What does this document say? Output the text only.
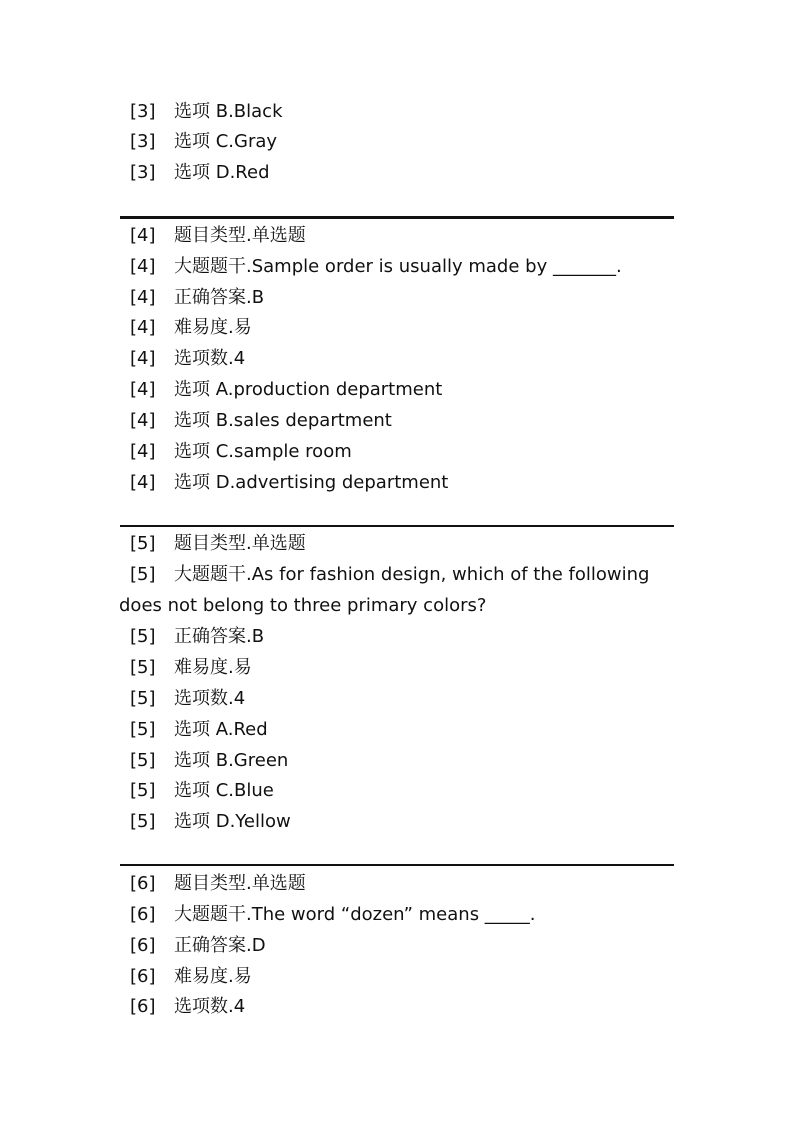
[3] 选项 B.Black
[3] 选项 C.Gray
[3] 选项 D.Red
[4] 题目类型.单选题
[4] 大题题干.Sample order is usually made by _______.
[4] 正确答案.B
[4] 难易度.易
[4] 选项数.4
[4] 选项 A.production department
[4] 选项 B.sales department
[4] 选项 C.sample room
[4] 选项 D.advertising department
[5] 题目类型.单选题
[5] 大题题干.As for fashion design, which of the following
does not belong to three primary colors?
[5] 正确答案.B
[5] 难易度.易
[5] 选项数.4
[5] 选项 A.Red
[5] 选项 B.Green
[5] 选项 C.Blue
[5] 选项 D.Yellow
[6] 题目类型.单选题
[6] 大题题干.The word “dozen” means _____.
[6] 正确答案.D
[6] 难易度.易
[6] 选项数.4
